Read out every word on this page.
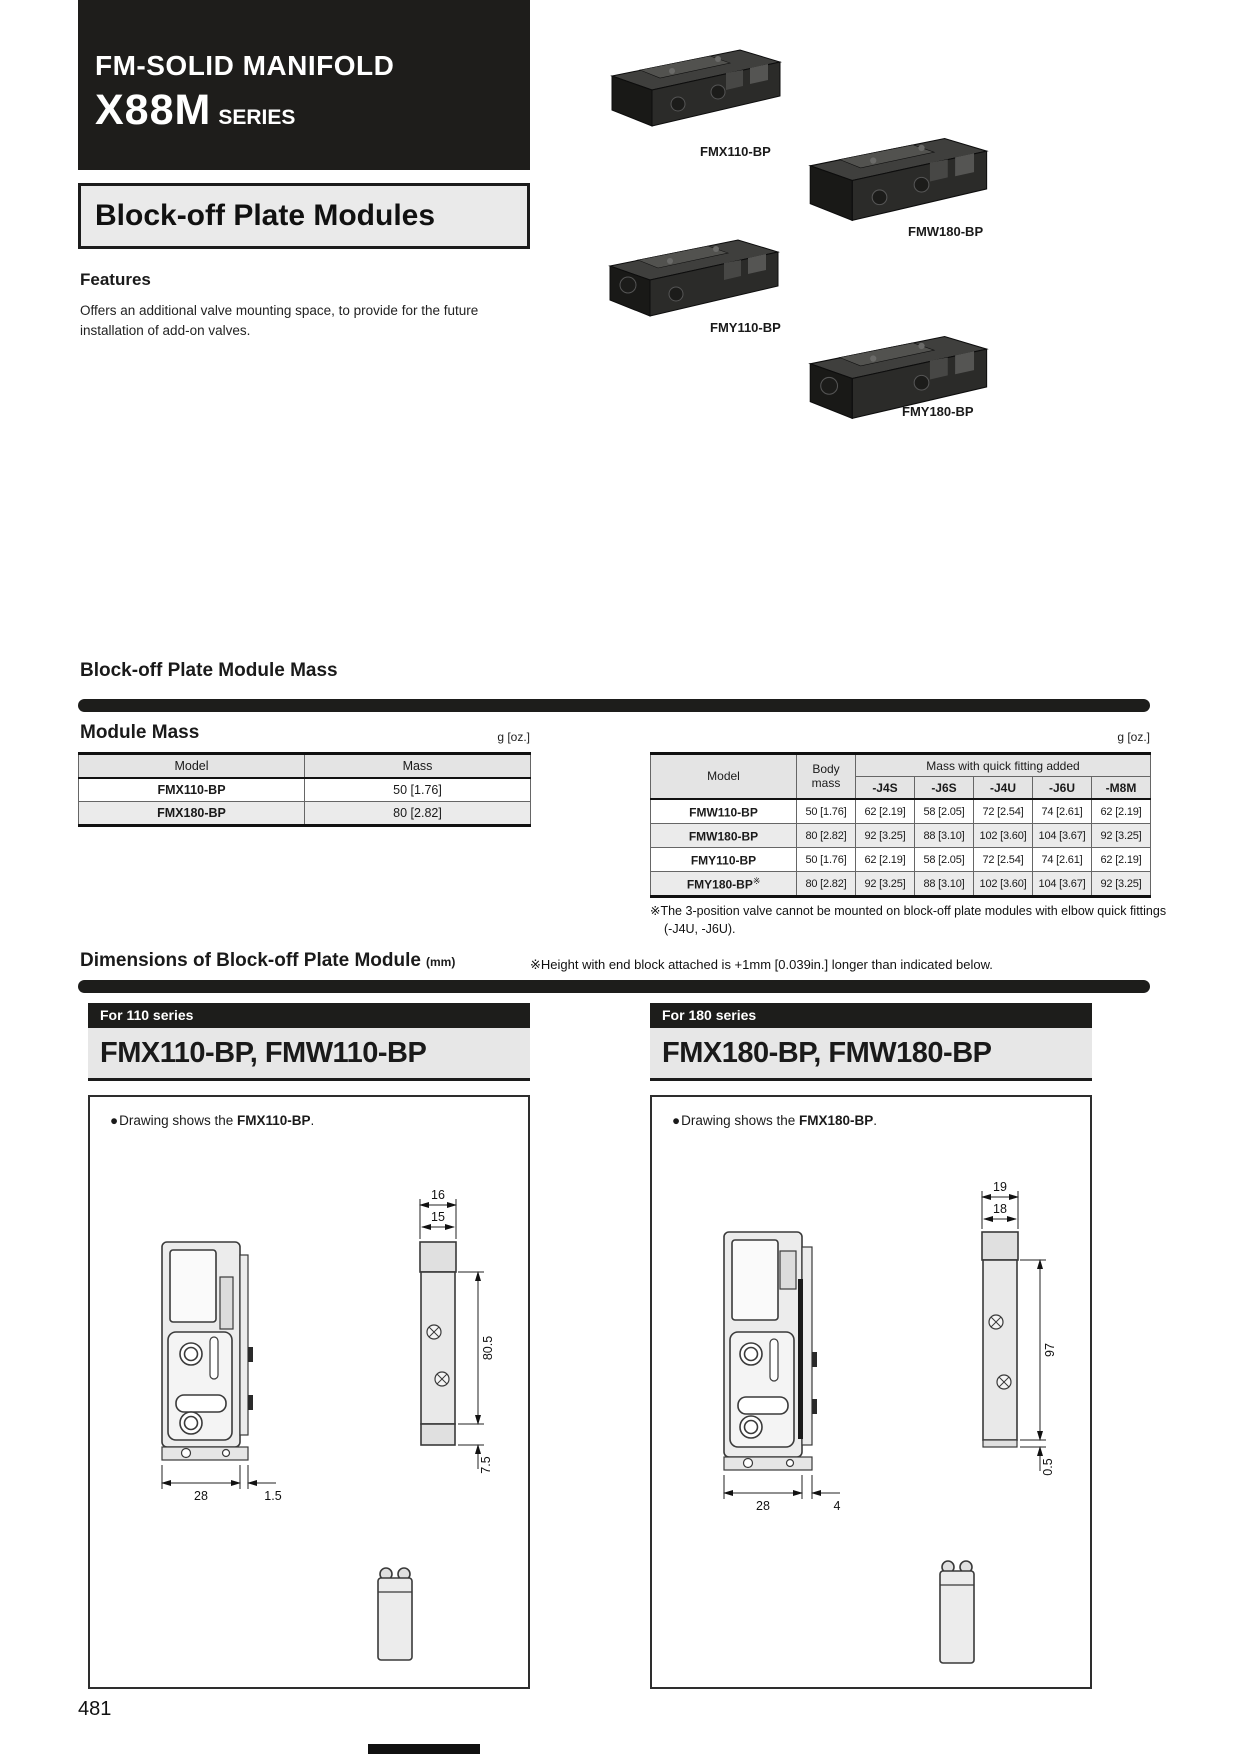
FM-SOLID MANIFOLD
X88M SERIES
Block-off Plate Modules
Features
Offers an additional valve mounting space, to provide for the future installation of add-on valves.
FMX110-BP
FMW180-BP
FMY110-BP
FMY180-BP
Block-off Plate Module Mass
Module Mass	g [oz.]	g [oz.]
Model	Mass
FMX110-BP	50 [1.76]
FMX180-BP	80 [2.82]
Model	Body mass	Mass with quick fitting added				
		-J4S	-J6S	-J4U	-J6U	-M8M
FMW110-BP	50 [1.76]	62 [2.19]	58 [2.05]	72 [2.54]	74 [2.61]	62 [2.19]
FMW180-BP	80 [2.82]	92 [3.25]	88 [3.10]	102 [3.60]	104 [3.67]	92 [3.25]
FMY110-BP	50 [1.76]	62 [2.19]	58 [2.05]	72 [2.54]	74 [2.61]	62 [2.19]
FMY180-BP※	80 [2.82]	92 [3.25]	88 [3.10]	102 [3.60]	104 [3.67]	92 [3.25]
※The 3-position valve cannot be mounted on block-off plate modules with elbow quick fittings (-J4U, -J6U).
Dimensions of Block-off Plate Module (mm)	※Height with end block attached is +1mm [0.039in.] longer than indicated below.
For 110 series
FMX110-BP, FMW110-BP
For 180 series
FMX180-BP, FMW180-BP
●Drawing shows the FMX110-BP.
28	1.5
16
15
80.5
7.5
●Drawing shows the FMX180-BP.
28	4
19
18
97
0.5
481
